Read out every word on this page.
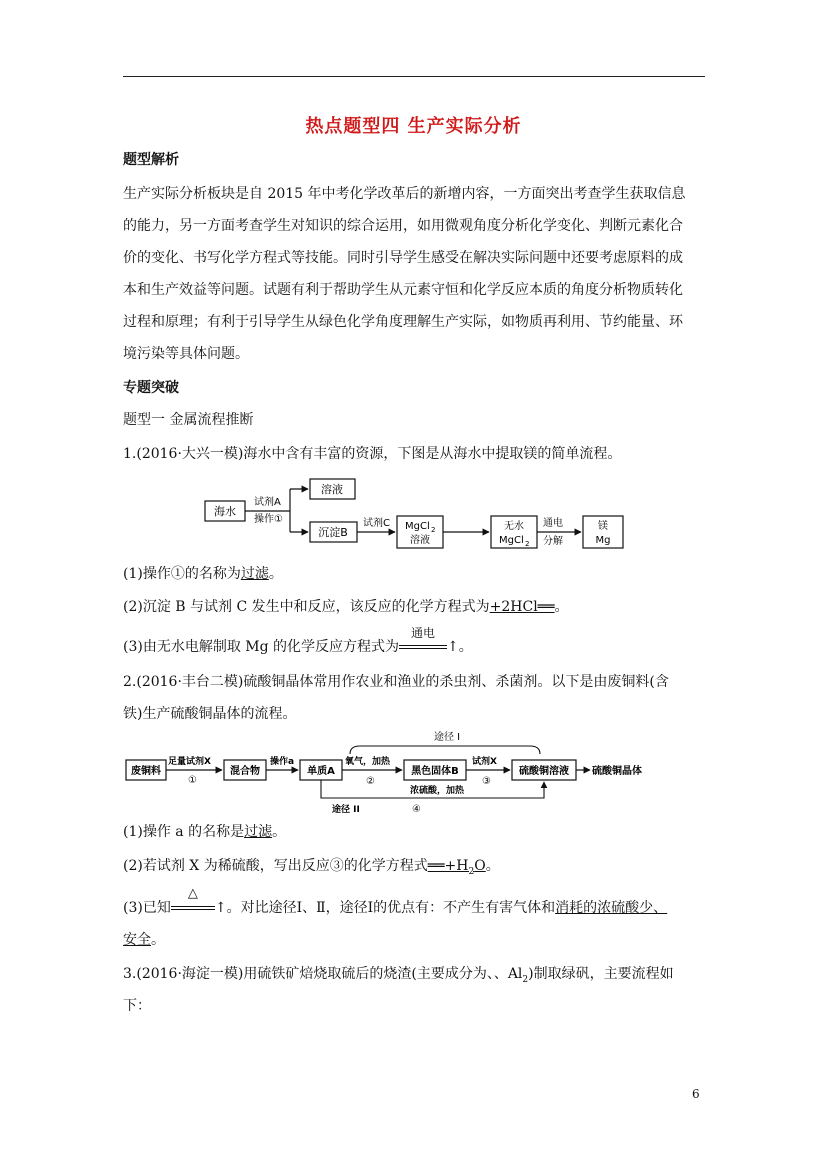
热点题型四 生产实际分析
题型解析
生产实际分析板块是自 2015 年中考化学改革后的新增内容，一方面突出考查学生获取信息
的能力，另一方面考查学生对知识的综合运用，如用微观角度分析化学变化、判断元素化合
价的变化、书写化学方程式等技能。同时引导学生感受在解决实际问题中还要考虑原料的成
本和生产效益等问题。试题有利于帮助学生从元素守恒和化学反应本质的角度分析物质转化
过程和原理；有利于引导学生从绿色化学角度理解生产实际，如物质再利用、节约能量、环
境污染等具体问题。
专题突破
题型一 金属流程推断
1.(2016·大兴一模)海水中含有丰富的资源，下图是从海水中提取镁的简单流程。
海水
试剂A
操作①
溶液
沉淀B
试剂C MgCl 2
溶液
无水
MgCl 2
通电
分解
镁
Mg
(1)操作①的名称为过滤。
(2)沉淀 B 与试剂 C 发生中和反应，该反应的化学方程式为+2HCl══。
(3)由无水电解制取 Mg 的化学反应方程式为
通电
↑。
2.(2016·丰台二模)硫酸铜晶体常用作农业和渔业的杀虫剂、杀菌剂。以下是由废铜料(含
铁)生产硫酸铜晶体的流程。
途径 I
废铜料
足量试剂X
①
混合物
操作a
单质A
氧气，加热
②
黑色固体B
试剂X
③
硫酸铜溶液 硫酸铜晶体
浓硫酸，加热
途径 II	④
(1)操作 a 的名称是过滤。
(2)若试剂 X 为稀硫酸，写出反应③的化学方程式$══+H_2O$。
(3)已知
△
↑。对比途径Ⅰ、Ⅱ，途径Ⅰ的优点有：不产生有害气体和消耗的浓硫酸少、
安全。
3.(2016·海淀一模)用硫铁矿焙烧取硫后的烧渣(主要成分为、、$Al_2$)制取绿矾，主要流程如
下：
6
